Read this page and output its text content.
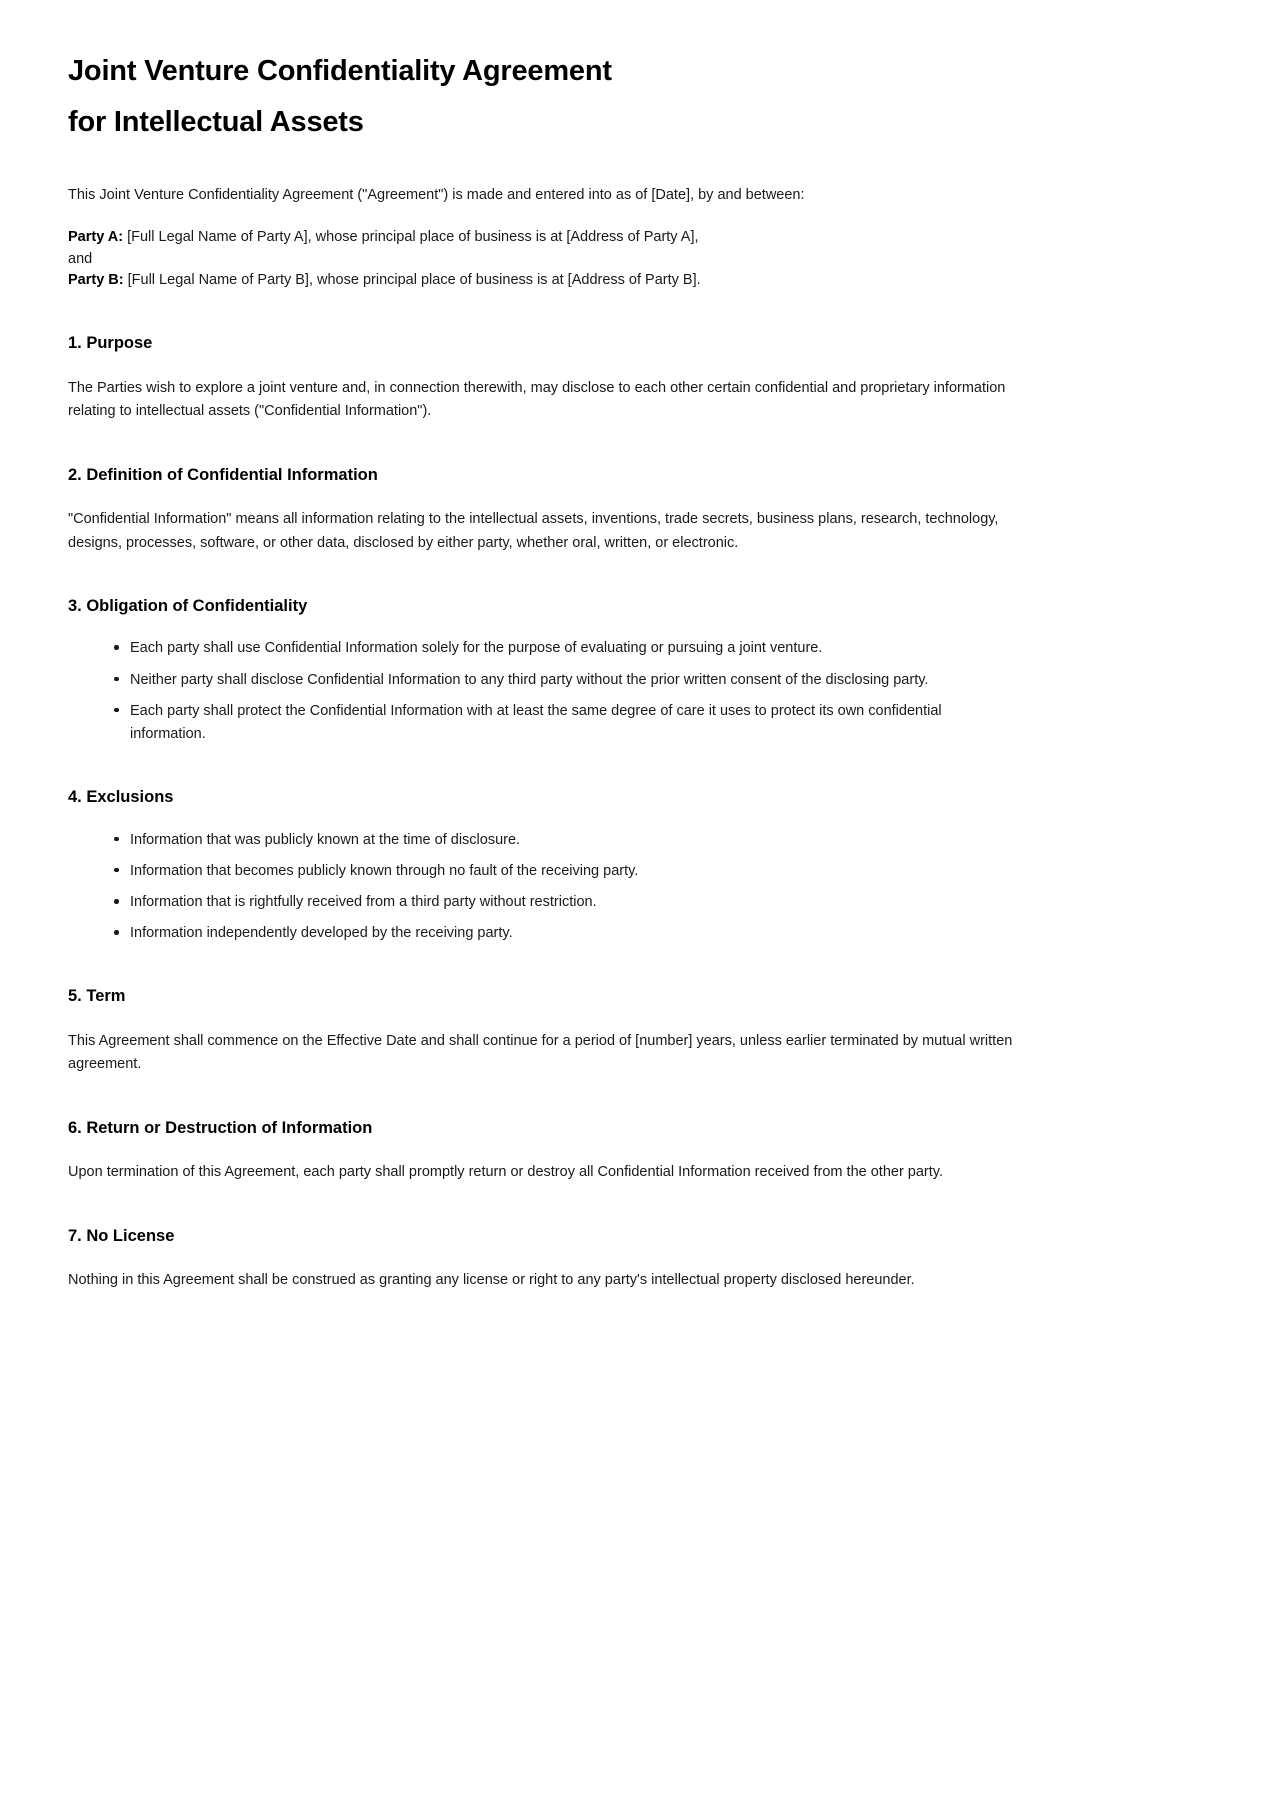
Joint Venture Confidentiality Agreement
for Intellectual Assets

This Joint Venture Confidentiality Agreement ("Agreement") is made and entered into as of [Date], by and between:

Party A: [Full Legal Name of Party A], whose principal place of business is at [Address of Party A],
and
Party B: [Full Legal Name of Party B], whose principal place of business is at [Address of Party B].

1. Purpose

The Parties wish to explore a joint venture and, in connection therewith, may disclose to each other certain confidential and proprietary information relating to intellectual assets ("Confidential Information").

2. Definition of Confidential Information

"Confidential Information" means all information relating to the intellectual assets, inventions, trade secrets, business plans, research, technology, designs, processes, software, or other data, disclosed by either party, whether oral, written, or electronic.

3. Obligation of Confidentiality
Each party shall use Confidential Information solely for the purpose of evaluating or pursuing a joint venture.
Neither party shall disclose Confidential Information to any third party without the prior written consent of the disclosing party.
Each party shall protect the Confidential Information with at least the same degree of care it uses to protect its own confidential information.
4. Exclusions
Information that was publicly known at the time of disclosure.
Information that becomes publicly known through no fault of the receiving party.
Information that is rightfully received from a third party without restriction.
Information independently developed by the receiving party.
5. Term

This Agreement shall commence on the Effective Date and shall continue for a period of [number] years, unless earlier terminated by mutual written agreement.

6. Return or Destruction of Information

Upon termination of this Agreement, each party shall promptly return or destroy all Confidential Information received from the other party.

7. No License

Nothing in this Agreement shall be construed as granting any license or right to any party's intellectual property disclosed hereunder.
